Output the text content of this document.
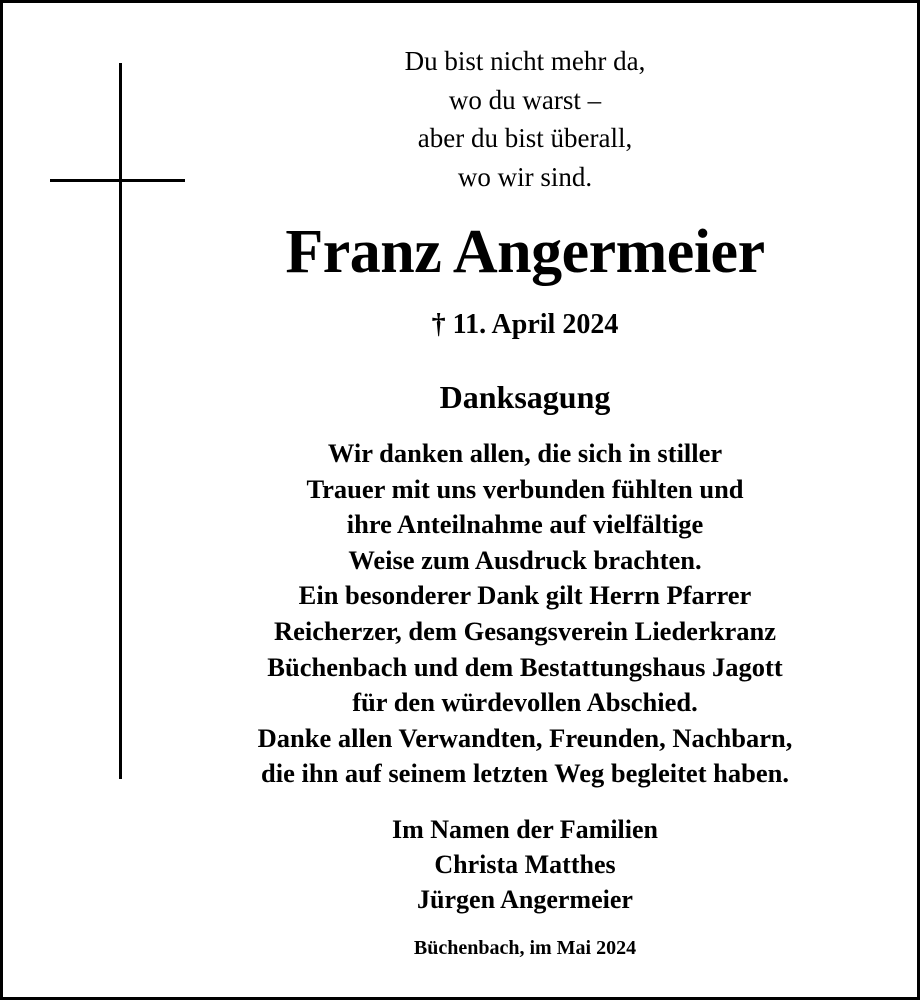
Du bist nicht mehr da,
wo du warst –
aber du bist überall,
wo wir sind.
Franz Angermeier
† 11. April 2024
Danksagung
Wir danken allen, die sich in stiller
Trauer mit uns verbunden fühlten und
ihre Anteilnahme auf vielfältige
Weise zum Ausdruck brachten.
Ein besonderer Dank gilt Herrn Pfarrer
Reicherzer, dem Gesangsverein Liederkranz
Büchenbach und dem Bestattungshaus Jagott
für den würdevollen Abschied.
Danke allen Verwandten, Freunden, Nachbarn,
die ihn auf seinem letzten Weg begleitet haben.
Im Namen der Familien
Christa Matthes
Jürgen Angermeier
Büchenbach, im Mai 2024
